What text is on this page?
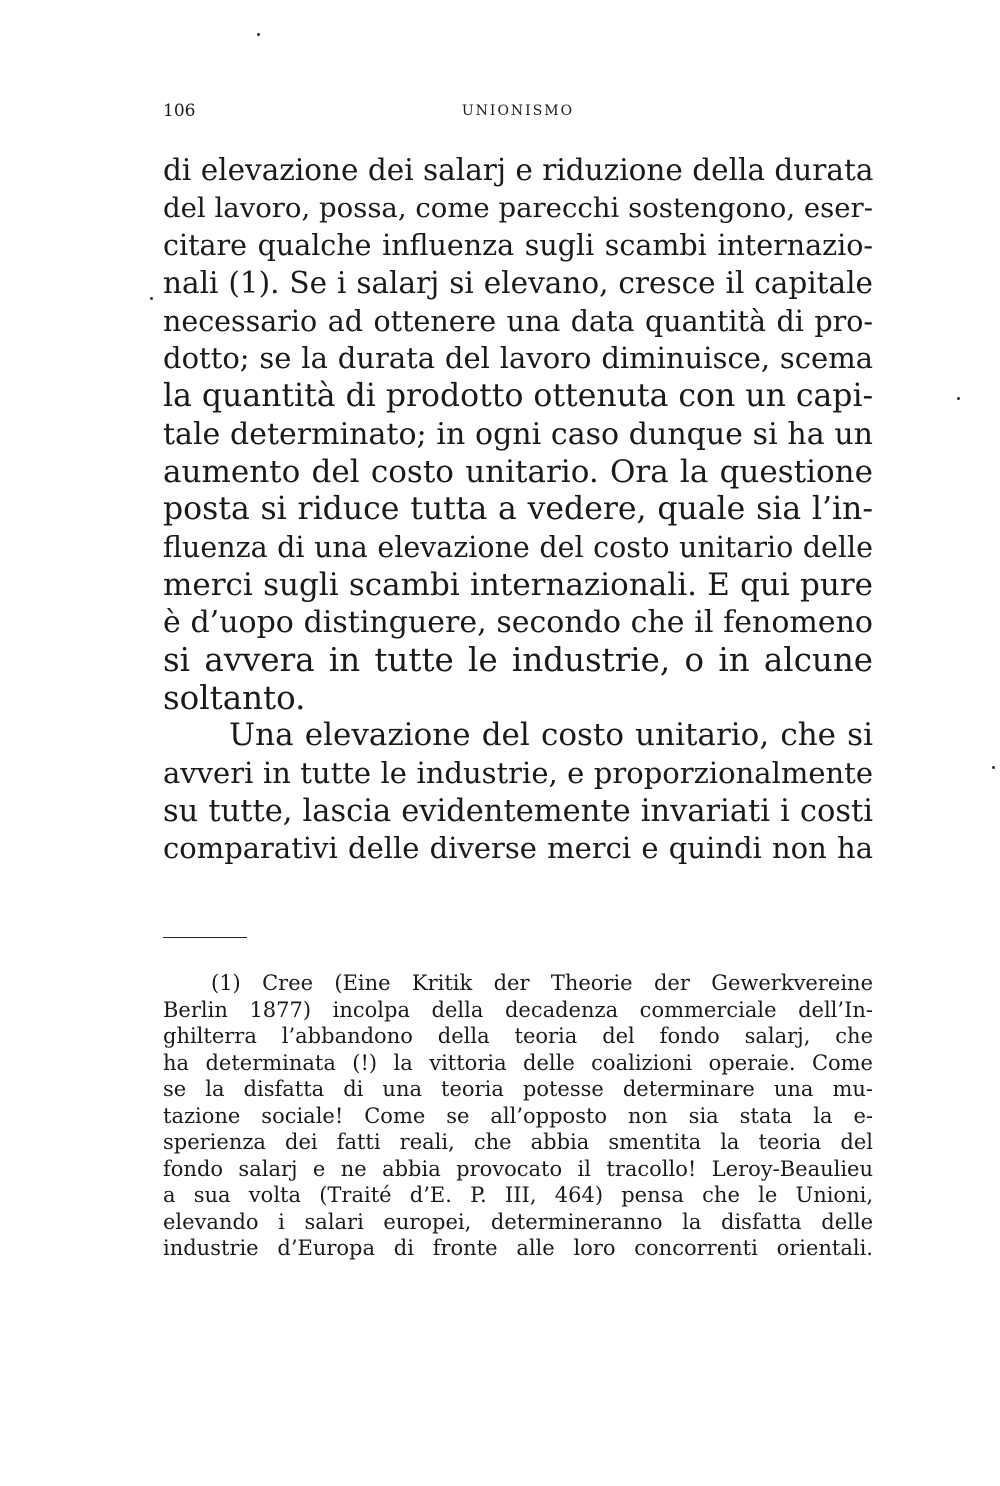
106	UNIONISMO
di elevazione dei salarj e riduzione della durata
del lavoro, possa, come parecchi sostengono, eser-
citare qualche influenza sugli scambi internazio-
nali (1). Se i salarj si elevano, cresce il capitale
necessario ad ottenere una data quantità di pro-
dotto; se la durata del lavoro diminuisce, scema
la quantità di prodotto ottenuta con un capi-
tale determinato; in ogni caso dunque si ha un
aumento del costo unitario. Ora la questione
posta si riduce tutta a vedere, quale sia l’in-
fluenza di una elevazione del costo unitario delle
merci sugli scambi internazionali. E qui pure
è d’uopo distinguere, secondo che il fenomeno
si avvera in tutte le industrie, o in alcune
soltanto.
Una elevazione del costo unitario, che si
avveri in tutte le industrie, e proporzionalmente
su tutte, lascia evidentemente invariati i costi
comparativi delle diverse merci e quindi non ha
(1) Cree (Eine Kritik der Theorie der Gewerkvereine
Berlin 1877) incolpa della decadenza commerciale dell’In-
ghilterra l’abbandono della teoria del fondo salarj, che
ha determinata (!) la vittoria delle coalizioni operaie. Come
se la disfatta di una teoria potesse determinare una mu-
tazione sociale! Come se all’opposto non sia stata la e-
sperienza dei fatti reali, che abbia smentita la teoria del
fondo salarj e ne abbia provocato il tracollo! Leroy-Beaulieu
a sua volta (Traité d’E. P. III, 464) pensa che le Unioni,
elevando i salari europei, determineranno la disfatta delle
industrie d’Europa di fronte alle loro concorrenti orientali.
